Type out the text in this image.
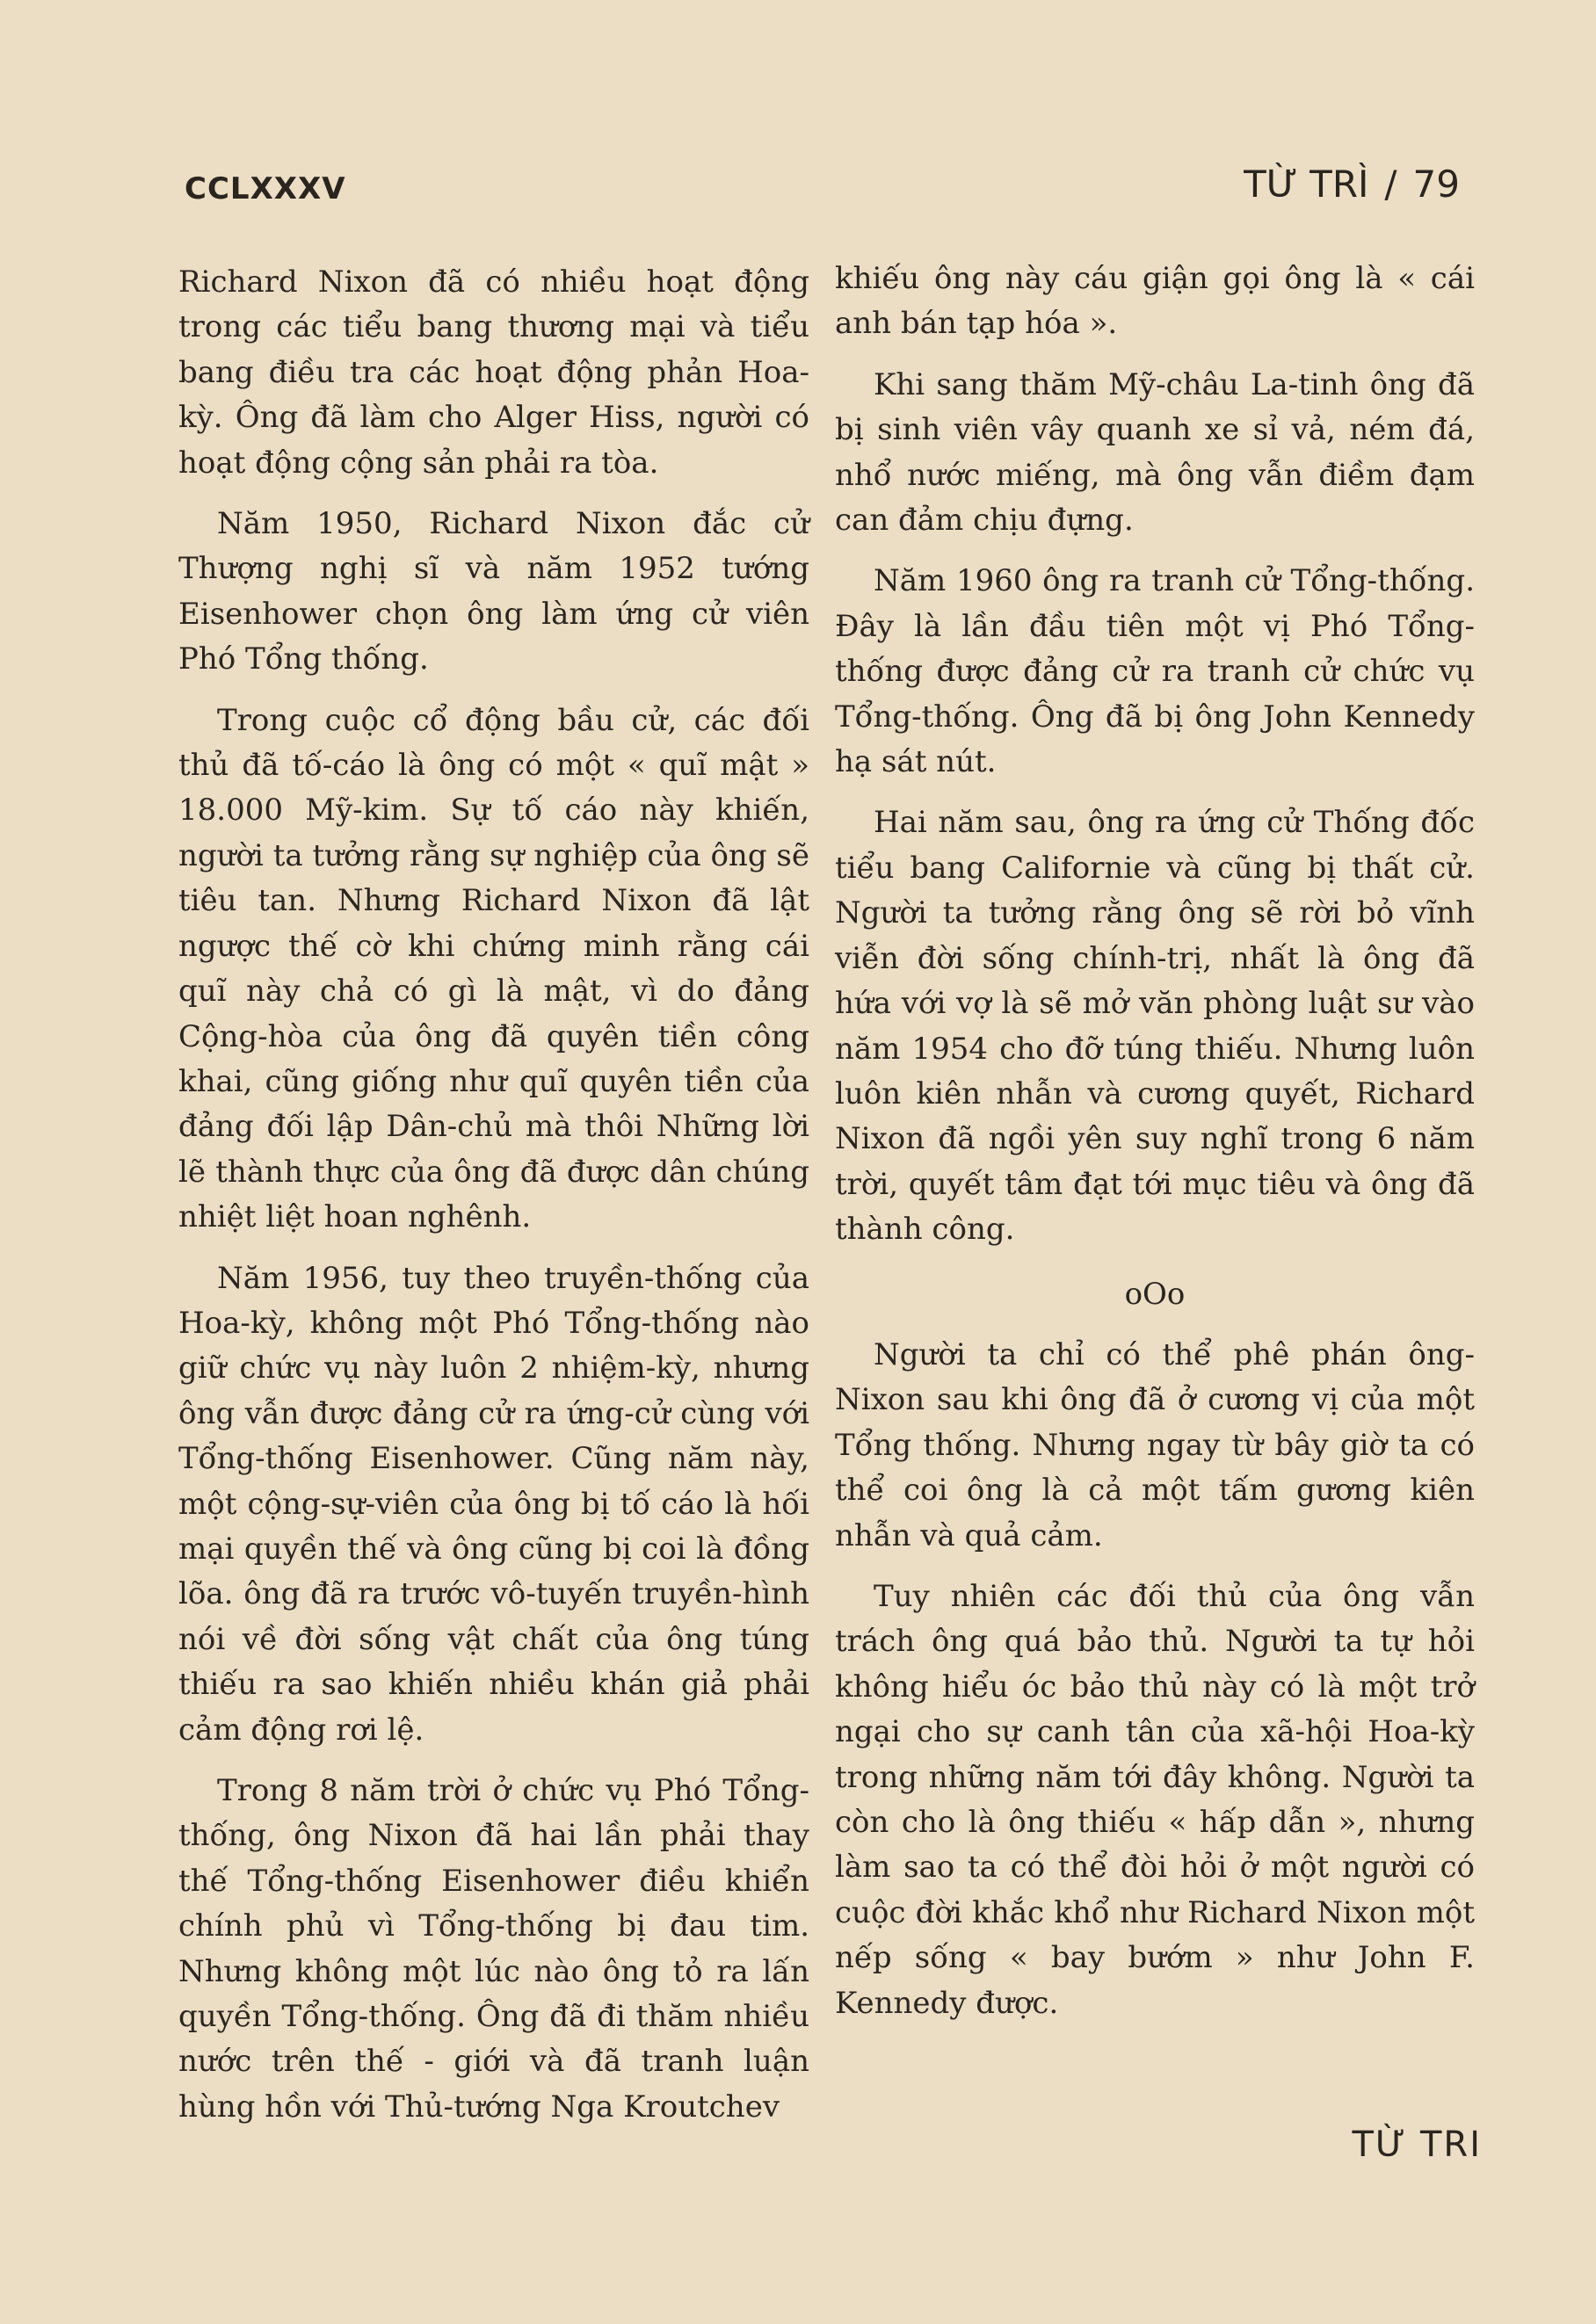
CCLXXXV	TỪ TRÌ / 79

Richard Nixon đã có nhiều hoạt động trong các tiểu bang thương mại và tiểu bang điều tra các hoạt động phản Hoa-kỳ. Ông đã làm cho Alger Hiss, người có hoạt động cộng sản phải ra tòa.

Năm 1950, Richard Nixon đắc cử Thượng nghị sĩ và năm 1952 tướng Eisenhower chọn ông làm ứng cử viên Phó Tổng thống.

Trong cuộc cổ động bầu cử, các đối thủ đã tố-cáo là ông có một « quĩ mật » 18.000 Mỹ-kim. Sự tố cáo này khiến, người ta tưởng rằng sự nghiệp của ông sẽ tiêu tan. Nhưng Richard Nixon đã lật ngược thế cờ khi chứng minh rằng cái quĩ này chả có gì là mật, vì do đảng Cộng-hòa của ông đã quyên tiền công khai, cũng giống như quĩ quyên tiền của đảng đối lập Dân-chủ mà thôi Những lời lẽ thành thực của ông đã được dân chúng nhiệt liệt hoan nghênh.

Năm 1956, tuy theo truyền-thống của Hoa-kỳ, không một Phó Tổng-thống nào giữ chức vụ này luôn 2 nhiệm-kỳ, nhưng ông vẫn được đảng cử ra ứng-cử cùng với Tổng-thống Eisenhower. Cũng năm này, một cộng-sự-viên của ông bị tố cáo là hối mại quyền thế và ông cũng bị coi là đồng lõa. ông đã ra trước vô-tuyến truyền-hình nói về đời sống vật chất của ông túng thiếu ra sao khiến nhiều khán giả phải cảm động rơi lệ.

Trong 8 năm trời ở chức vụ Phó Tổng-thống, ông Nixon đã hai lần phải thay thế Tổng-thống Eisenhower điều khiển chính phủ vì Tổng-thống bị đau tim. Nhưng không một lúc nào ông tỏ ra lấn quyền Tổng-thống. Ông đã đi thăm nhiều nước trên thế - giới và đã tranh luận hùng hồn với Thủ-tướng Nga Kroutchev

khiếu ông này cáu giận gọi ông là « cái anh bán tạp hóa ».

Khi sang thăm Mỹ-châu La-tinh ông đã bị sinh viên vây quanh xe sỉ vả, ném đá, nhổ nước miếng, mà ông vẫn điềm đạm can đảm chịu đựng.

Năm 1960 ông ra tranh cử Tổng-thống. Đây là lần đầu tiên một vị Phó Tổng-thống được đảng cử ra tranh cử chức vụ Tổng-thống. Ông đã bị ông John Kennedy hạ sát nút.

Hai năm sau, ông ra ứng cử Thống đốc tiểu bang Californie và cũng bị thất cử. Người ta tưởng rằng ông sẽ rời bỏ vĩnh viễn đời sống chính-trị, nhất là ông đã hứa với vợ là sẽ mở văn phòng luật sư vào năm 1954 cho đỡ túng thiếu. Nhưng luôn luôn kiên nhẫn và cương quyết, Richard Nixon đã ngồi yên suy nghĩ trong 6 năm trời, quyết tâm đạt tới mục tiêu và ông đã thành công.

oOo

Người ta chỉ có thể phê phán ông-Nixon sau khi ông đã ở cương vị của một Tổng thống. Nhưng ngay từ bây giờ ta có thể coi ông là cả một tấm gương kiên nhẫn và quả cảm.

Tuy nhiên các đối thủ của ông vẫn trách ông quá bảo thủ. Người ta tự hỏi không hiểu óc bảo thủ này có là một trở ngại cho sự canh tân của xã-hội Hoa-kỳ trong những năm tới đây không. Người ta còn cho là ông thiếu « hấp dẫn », nhưng làm sao ta có thể đòi hỏi ở một người có cuộc đời khắc khổ như Richard Nixon một nếp sống « bay bướm » như John F. Kennedy được.

TỪ TRI
